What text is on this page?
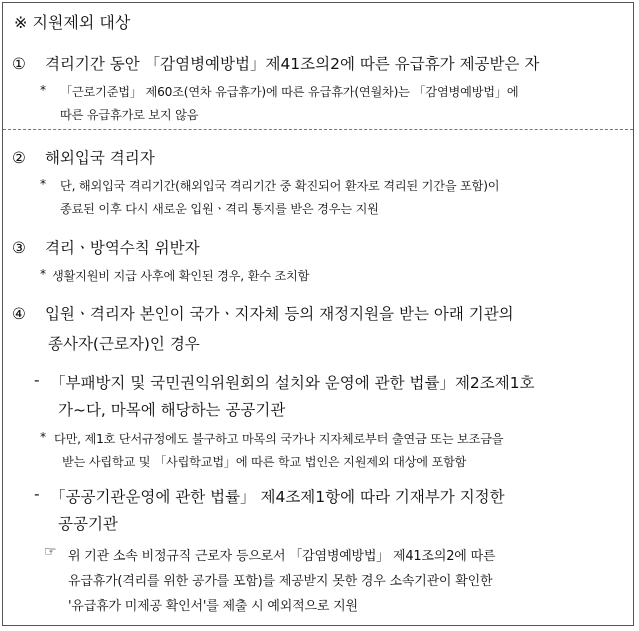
※ 지원제외 대상
① 격리기간 동안 「감염병예방법」제41조의2에 따른 유급휴가 제공받은 자
* 「근로기준법」 제60조(연차 유급휴가)에 따른 유급휴가(연월차)는 「감염병예방법」에
따른 유급휴가로 보지 않음
② 해외입국 격리자
* 단, 해외입국 격리기간(해외입국 격리기간 중 확진되어 환자로 격리된 기간을 포함)이
종료된 이후 다시 새로운 입원ㆍ격리 통지를 받은 경우는 지원
③ 격리ㆍ방역수칙 위반자
* 생활지원비 지급 사후에 확인된 경우, 환수 조치함
④ 입원ㆍ격리자 본인이 국가ㆍ지자체 등의 재정지원을 받는 아래 기관의
종사자(근로자)인 경우
- 「부패방지 및 국민권익위원회의 설치와 운영에 관한 법률」제2조제1호
가~다, 마목에 해당하는 공공기관
* 다만, 제1호 단서규정에도 불구하고 마목의 국가나 지자체로부터 출연금 또는 보조금을
받는 사립학교 및 「사립학교법」에 따른 학교 법인은 지원제외 대상에 포함함
- 「공공기관운영에 관한 법률」 제4조제1항에 따라 기재부가 지정한
공공기관
☞ 위 기관 소속 비정규직 근로자 등으로서 「감염병예방법」 제41조의2에 따른
유급휴가(격리를 위한 공가를 포함)를 제공받지 못한 경우 소속기관이 확인한
'유급휴가 미제공 확인서'를 제출 시 예외적으로 지원
